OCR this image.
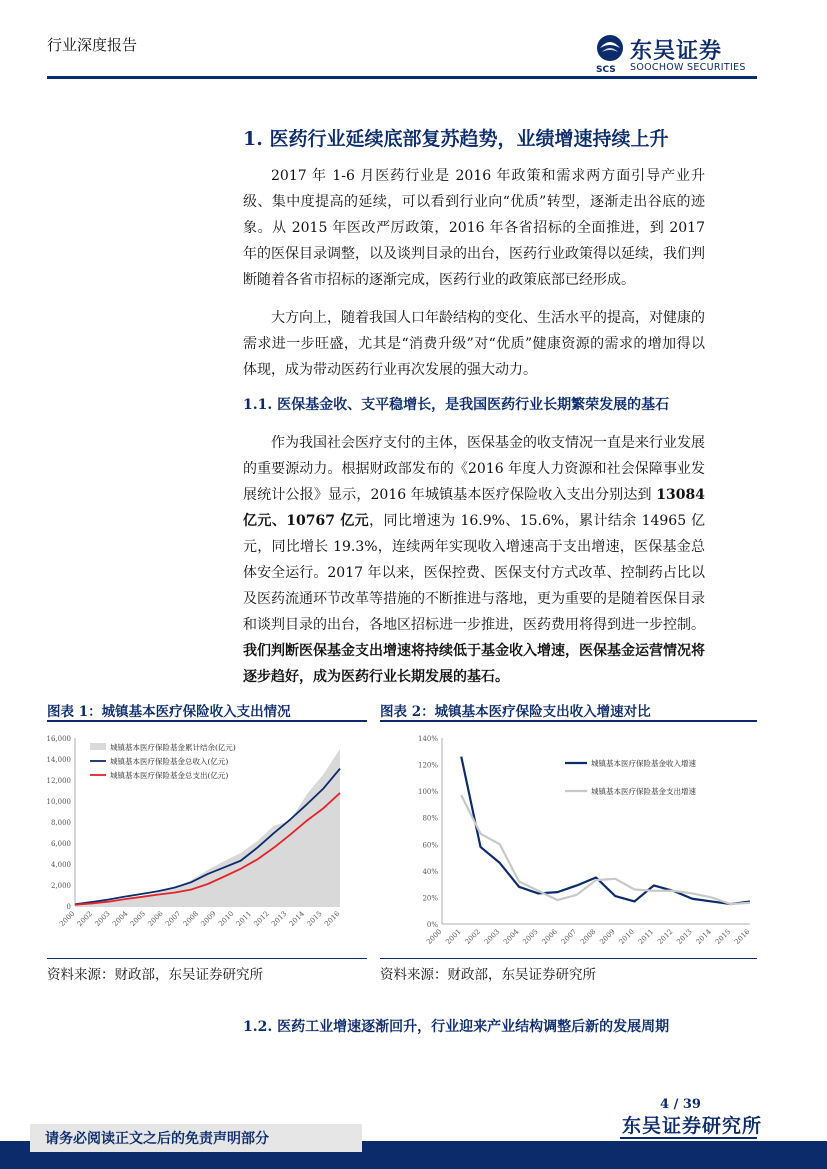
行业深度报告
SCS
东吴证券
SOOCHOW SECURITIES
1. 医药行业延续底部复苏趋势，业绩增速持续上升

2017 年 1-6 月医药行业是 2016 年政策和需求两方面引导产业升级、集中度提高的延续，可以看到行业向“优质”转型，逐渐走出谷底的迹象。从 2015 年医改严厉政策，2016 年各省招标的全面推进，到 2017 年的医保目录调整，以及谈判目录的出台，医药行业政策得以延续，我们判断随着各省市招标的逐渐完成，医药行业的政策底部已经形成。

大方向上，随着我国人口年龄结构的变化、生活水平的提高，对健康的需求进一步旺盛，尤其是“消费升级”对“优质”健康资源的需求的增加得以体现，成为带动医药行业再次发展的强大动力。

1.1. 医保基金收、支平稳增长，是我国医药行业长期繁荣发展的基石

作为我国社会医疗支付的主体，医保基金的收支情况一直是来行业发展的重要源动力。根据财政部发布的《2016 年度人力资源和社会保障事业发展统计公报》显示，2016 年城镇基本医疗保险收入支出分别达到 13084 亿元、10767 亿元，同比增速为 16.9%、15.6%，累计结余 14965 亿元，同比增长 19.3%，连续两年实现收入增速高于支出增速，医保基金总体安全运行。2017 年以来，医保控费、医保支付方式改革、控制药占比以及医药流通环节改革等措施的不断推进与落地，更为重要的是随着医保目录和谈判目录的出台，各地区招标进一步推进，医药费用将得到进一步控制。我们判断医保基金支出增速将持续低于基金收入增速，医保基金运营情况将逐步趋好，成为医药行业长期发展的基石。

图表 1：城镇基本医疗保险收入支出情况	图表 2：城镇基本医疗保险支出收入增速对比
0
2,000
4,000
6,000
8,000
10,000
12,000
14,000
16,000
2000 2002 2003 2004 2005 2006 2007 2008 2009 2010 2011 2012 2013 2014 2015 2016
城镇基本医疗保险基金累计结余(亿元)
城镇基本医疗保险基金总收入(亿元)
城镇基本医疗保险基金总支出(亿元)
0%
20%
40%
60%
80%
100%
120%
140%
2000 2001 2002 2003 2004 2005 2006 2007 2008 2009 2010 2011 2012 2013 2014 2015 2016
城镇基本医疗保险基金收入增速
城镇基本医疗保险基金支出增速
资料来源：财政部，东吴证券研究所	资料来源：财政部，东吴证券研究所
1.2. 医药工业增速逐渐回升，行业迎来产业结构调整后新的发展周期
4 / 39
东吴证券研究所
请务必阅读正文之后的免责声明部分
